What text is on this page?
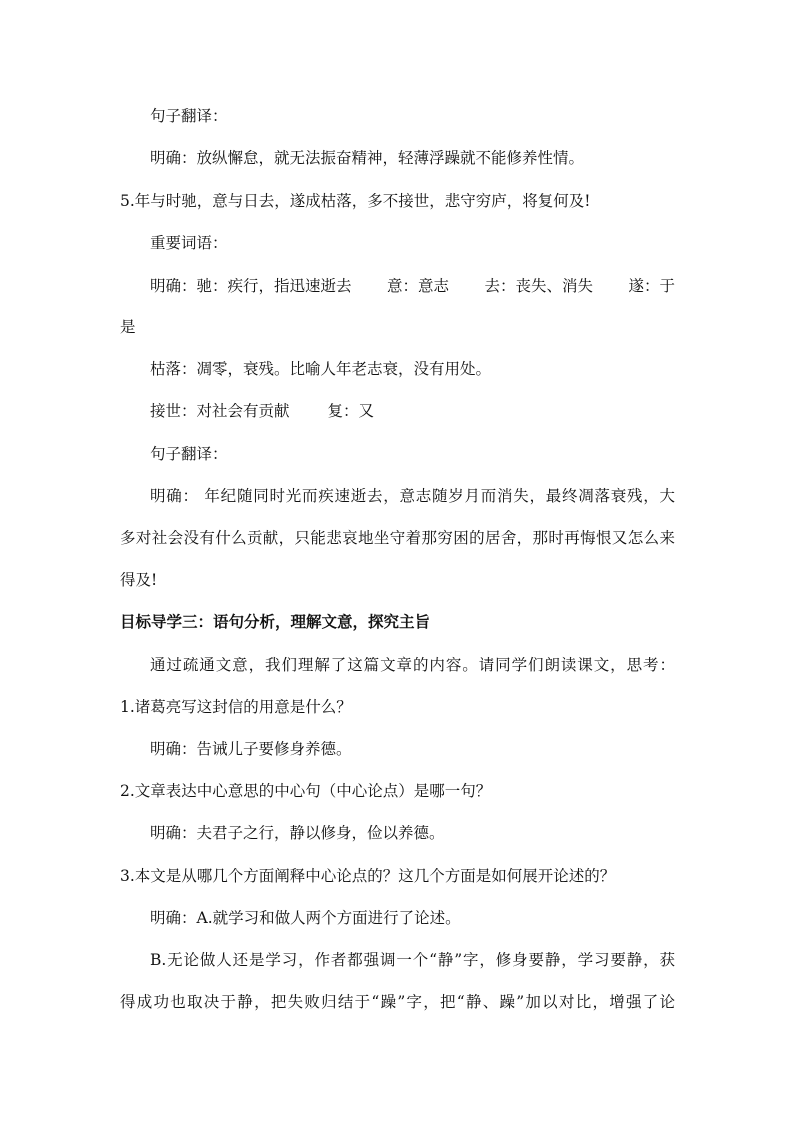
句子翻译：
明确：放纵懈怠，就无法振奋精神，轻薄浮躁就不能修养性情。
5.年与时驰，意与日去，遂成枯落，多不接世，悲守穷庐，将复何及!
重要词语：
明确：驰：疾行，指迅速逝去 意：意志 去：丧失、消失 遂：于
是
枯落：凋零，衰残。比喻人年老志衰，没有用处。
接世：对社会有贡献 复：又
句子翻译：
明确： 年纪随同时光而疾速逝去，意志随岁月而消失，最终凋落衰残，大
多对社会没有什么贡献，只能悲哀地坐守着那穷困的居舍，那时再悔恨又怎么来
得及!
目标导学三：语句分析，理解文意，探究主旨
通过疏通文意，我们理解了这篇文章的内容。请同学们朗读课文，思考：
1.诸葛亮写这封信的用意是什么？
明确：告诫儿子要修身养德。
2.文章表达中心意思的中心句（中心论点）是哪一句？
明确：夫君子之行，静以修身，俭以养德。
3.本文是从哪几个方面阐释中心论点的？这几个方面是如何展开论述的？
明确：A.就学习和做人两个方面进行了论述。
B.无论做人还是学习，作者都强调一个“静”字，修身要静，学习要静，获
得成功也取决于静，把失败归结于“躁”字，把“静、躁”加以对比，增强了论
